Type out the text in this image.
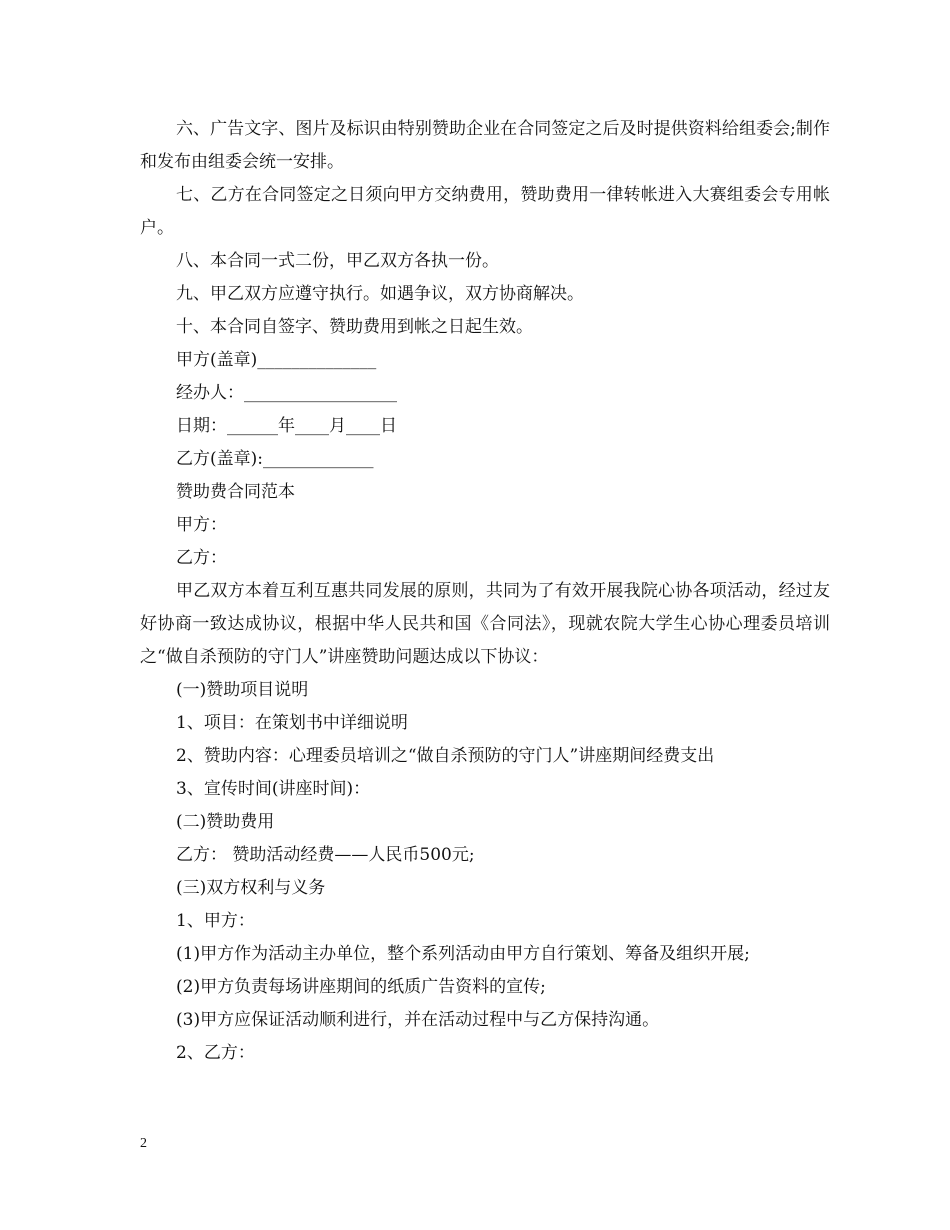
六、广告文字、图片及标识由特别赞助企业在合同签定之后及时提供资料给组委会;制作和发布由组委会统一安排。

七、乙方在合同签定之日须向甲方交纳费用，赞助费用一律转帐进入大赛组委会专用帐户。

八、本合同一式二份，甲乙双方各执一份。

九、甲乙双方应遵守执行。如遇争议，双方协商解决。

十、本合同自签字、赞助费用到帐之日起生效。

甲方(盖章)______________

经办人：__________________

日期：______年____月____日

乙方(盖章):_____________

赞助费合同范本

甲方：

乙方：

甲乙双方本着互利互惠共同发展的原则，共同为了有效开展我院心协各项活动，经过友好协商一致达成协议，根据中华人民共和国《合同法》，现就农院大学生心协心理委员培训之“做自杀预防的守门人”讲座赞助问题达成以下协议：

(一)赞助项目说明

1、项目：在策划书中详细说明

2、赞助内容：心理委员培训之“做自杀预防的守门人”讲座期间经费支出

3、宣传时间(讲座时间)：

(二)赞助费用

乙方： 赞助活动经费——人民币500元;

(三)双方权利与义务

1、甲方：

(1)甲方作为活动主办单位，整个系列活动由甲方自行策划、筹备及组织开展;

(2)甲方负责每场讲座期间的纸质广告资料的宣传;

(3)甲方应保证活动顺利进行，并在活动过程中与乙方保持沟通。

2、乙方：

2
